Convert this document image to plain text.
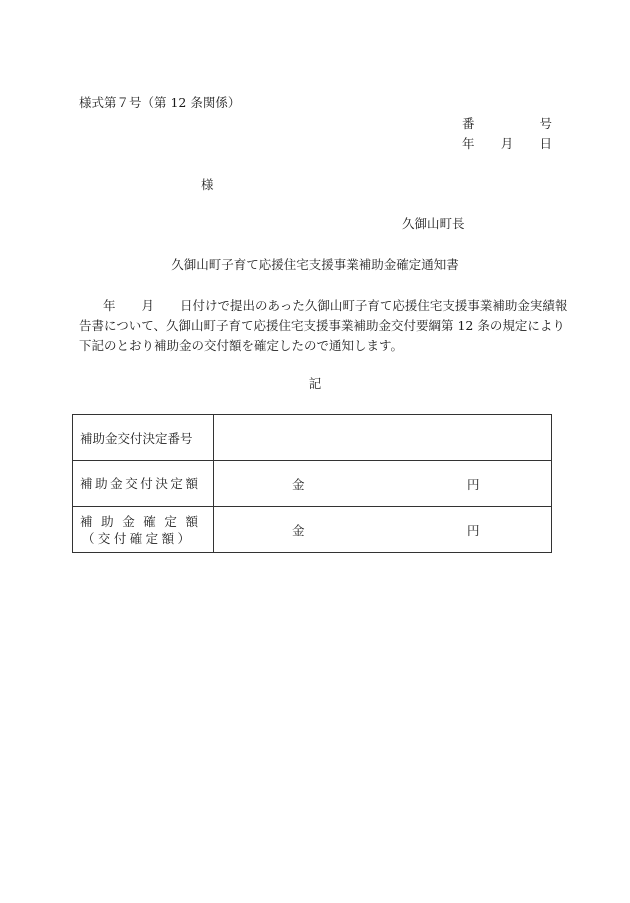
様式第７号（第 12 条関係）
番	号
年 月 日
様
久御山町長
久御山町子育て応援住宅支援事業補助金確定通知書
年 月 日付けで提出のあった久御山町子育て応援住宅支援事業補助金実績報
告書について、久御山町子育て応援住宅支援事業補助金交付要綱第 12 条の規定により
下記のとおり補助金の交付額を確定したので通知します。
記
補助金交付決定番号	

補助金交付決定額	金 円

補助金確定額
（交付確定額）	金 円
